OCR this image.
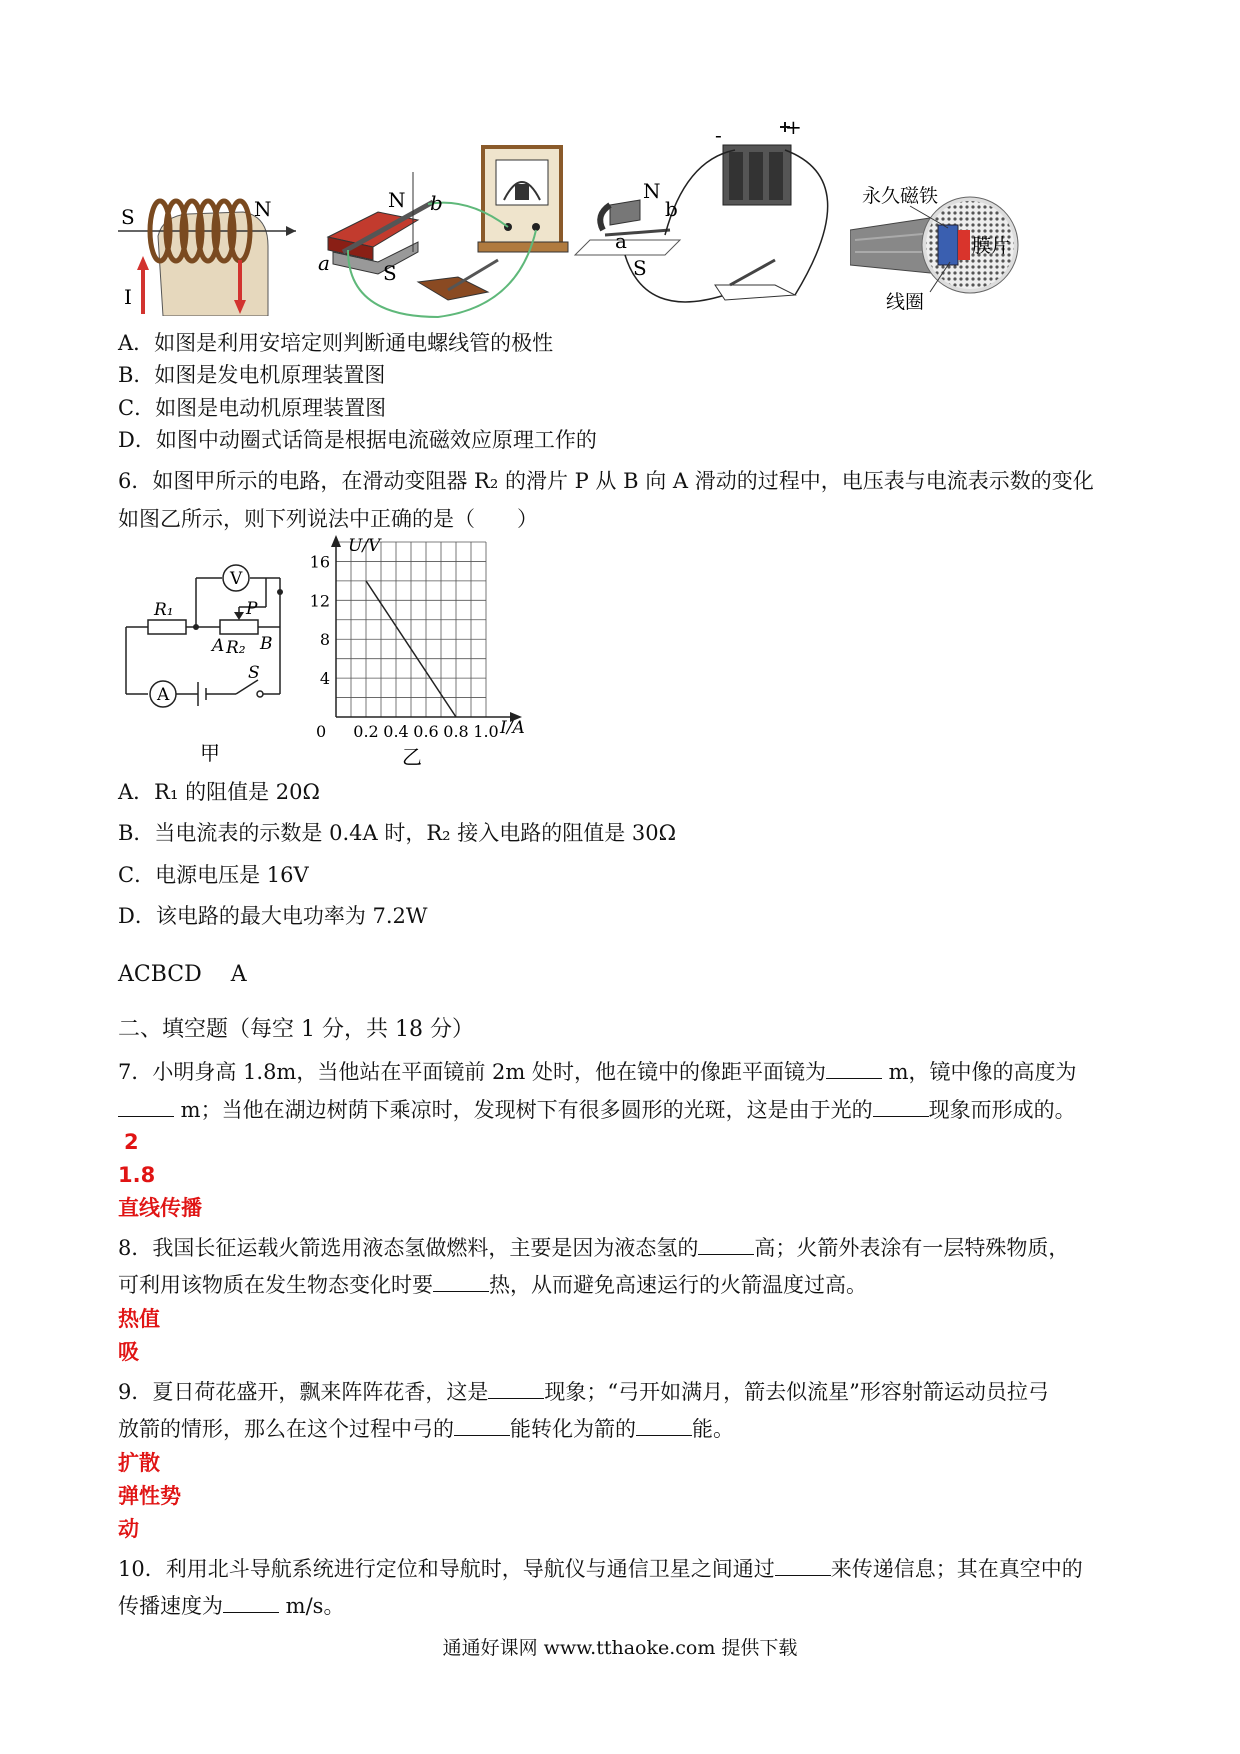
S	N
I
N b
a	S
-	+
N
b
a
S
永久磁铁
膜片
线圈
A．如图是利用安培定则判断通电螺线管的极性
B．如图是发电机原理装置图
C．如图是电动机原理装置图
D．如图中动圈式话筒是根据电流磁效应原理工作的
6．如图甲所示的电路，在滑动变阻器 R₂ 的滑片 P 从 B 向 A 滑动的过程中，电压表与电流表示数的变化
如图乙所示，则下列说法中正确的是（　　）
V
R₁	P
A R₂ B
S
A
甲
U/V
I/A
0 0.2 0.4 0.6 0.8 1.0
4
8
12
16
乙
A．R₁ 的阻值是 20Ω
B．当电流表的示数是 0.4A 时，R₂ 接入电路的阻值是 30Ω
C．电源电压是 16V
D．该电路的最大电功率为 7.2W
ACBCD　 A
二、填空题（每空 1 分，共 18 分）
7．小明身高 1.8m，当他站在平面镜前 2m 处时，他在镜中的像距平面镜为	m，镜中像的高度为
m；当他在湖边树荫下乘凉时，发现树下有很多圆形的光斑，这是由于光的	现象而形成的。
2
1.8
直线传播
8．我国长征运载火箭选用液态氢做燃料，主要是因为液态氢的	高；火箭外表涂有一层特殊物质，
可利用该物质在发生物态变化时要	热，从而避免高速运行的火箭温度过高。
热值
吸
9．夏日荷花盛开，飘来阵阵花香，这是	现象；“弓开如满月，箭去似流星”形容射箭运动员拉弓
放箭的情形，那么在这个过程中弓的	能转化为箭的	能。
扩散
弹性势
动
10．利用北斗导航系统进行定位和导航时，导航仪与通信卫星之间通过	来传递信息；其在真空中的
传播速度为	m/s。
通通好课网 www.tthaoke.com 提供下载
